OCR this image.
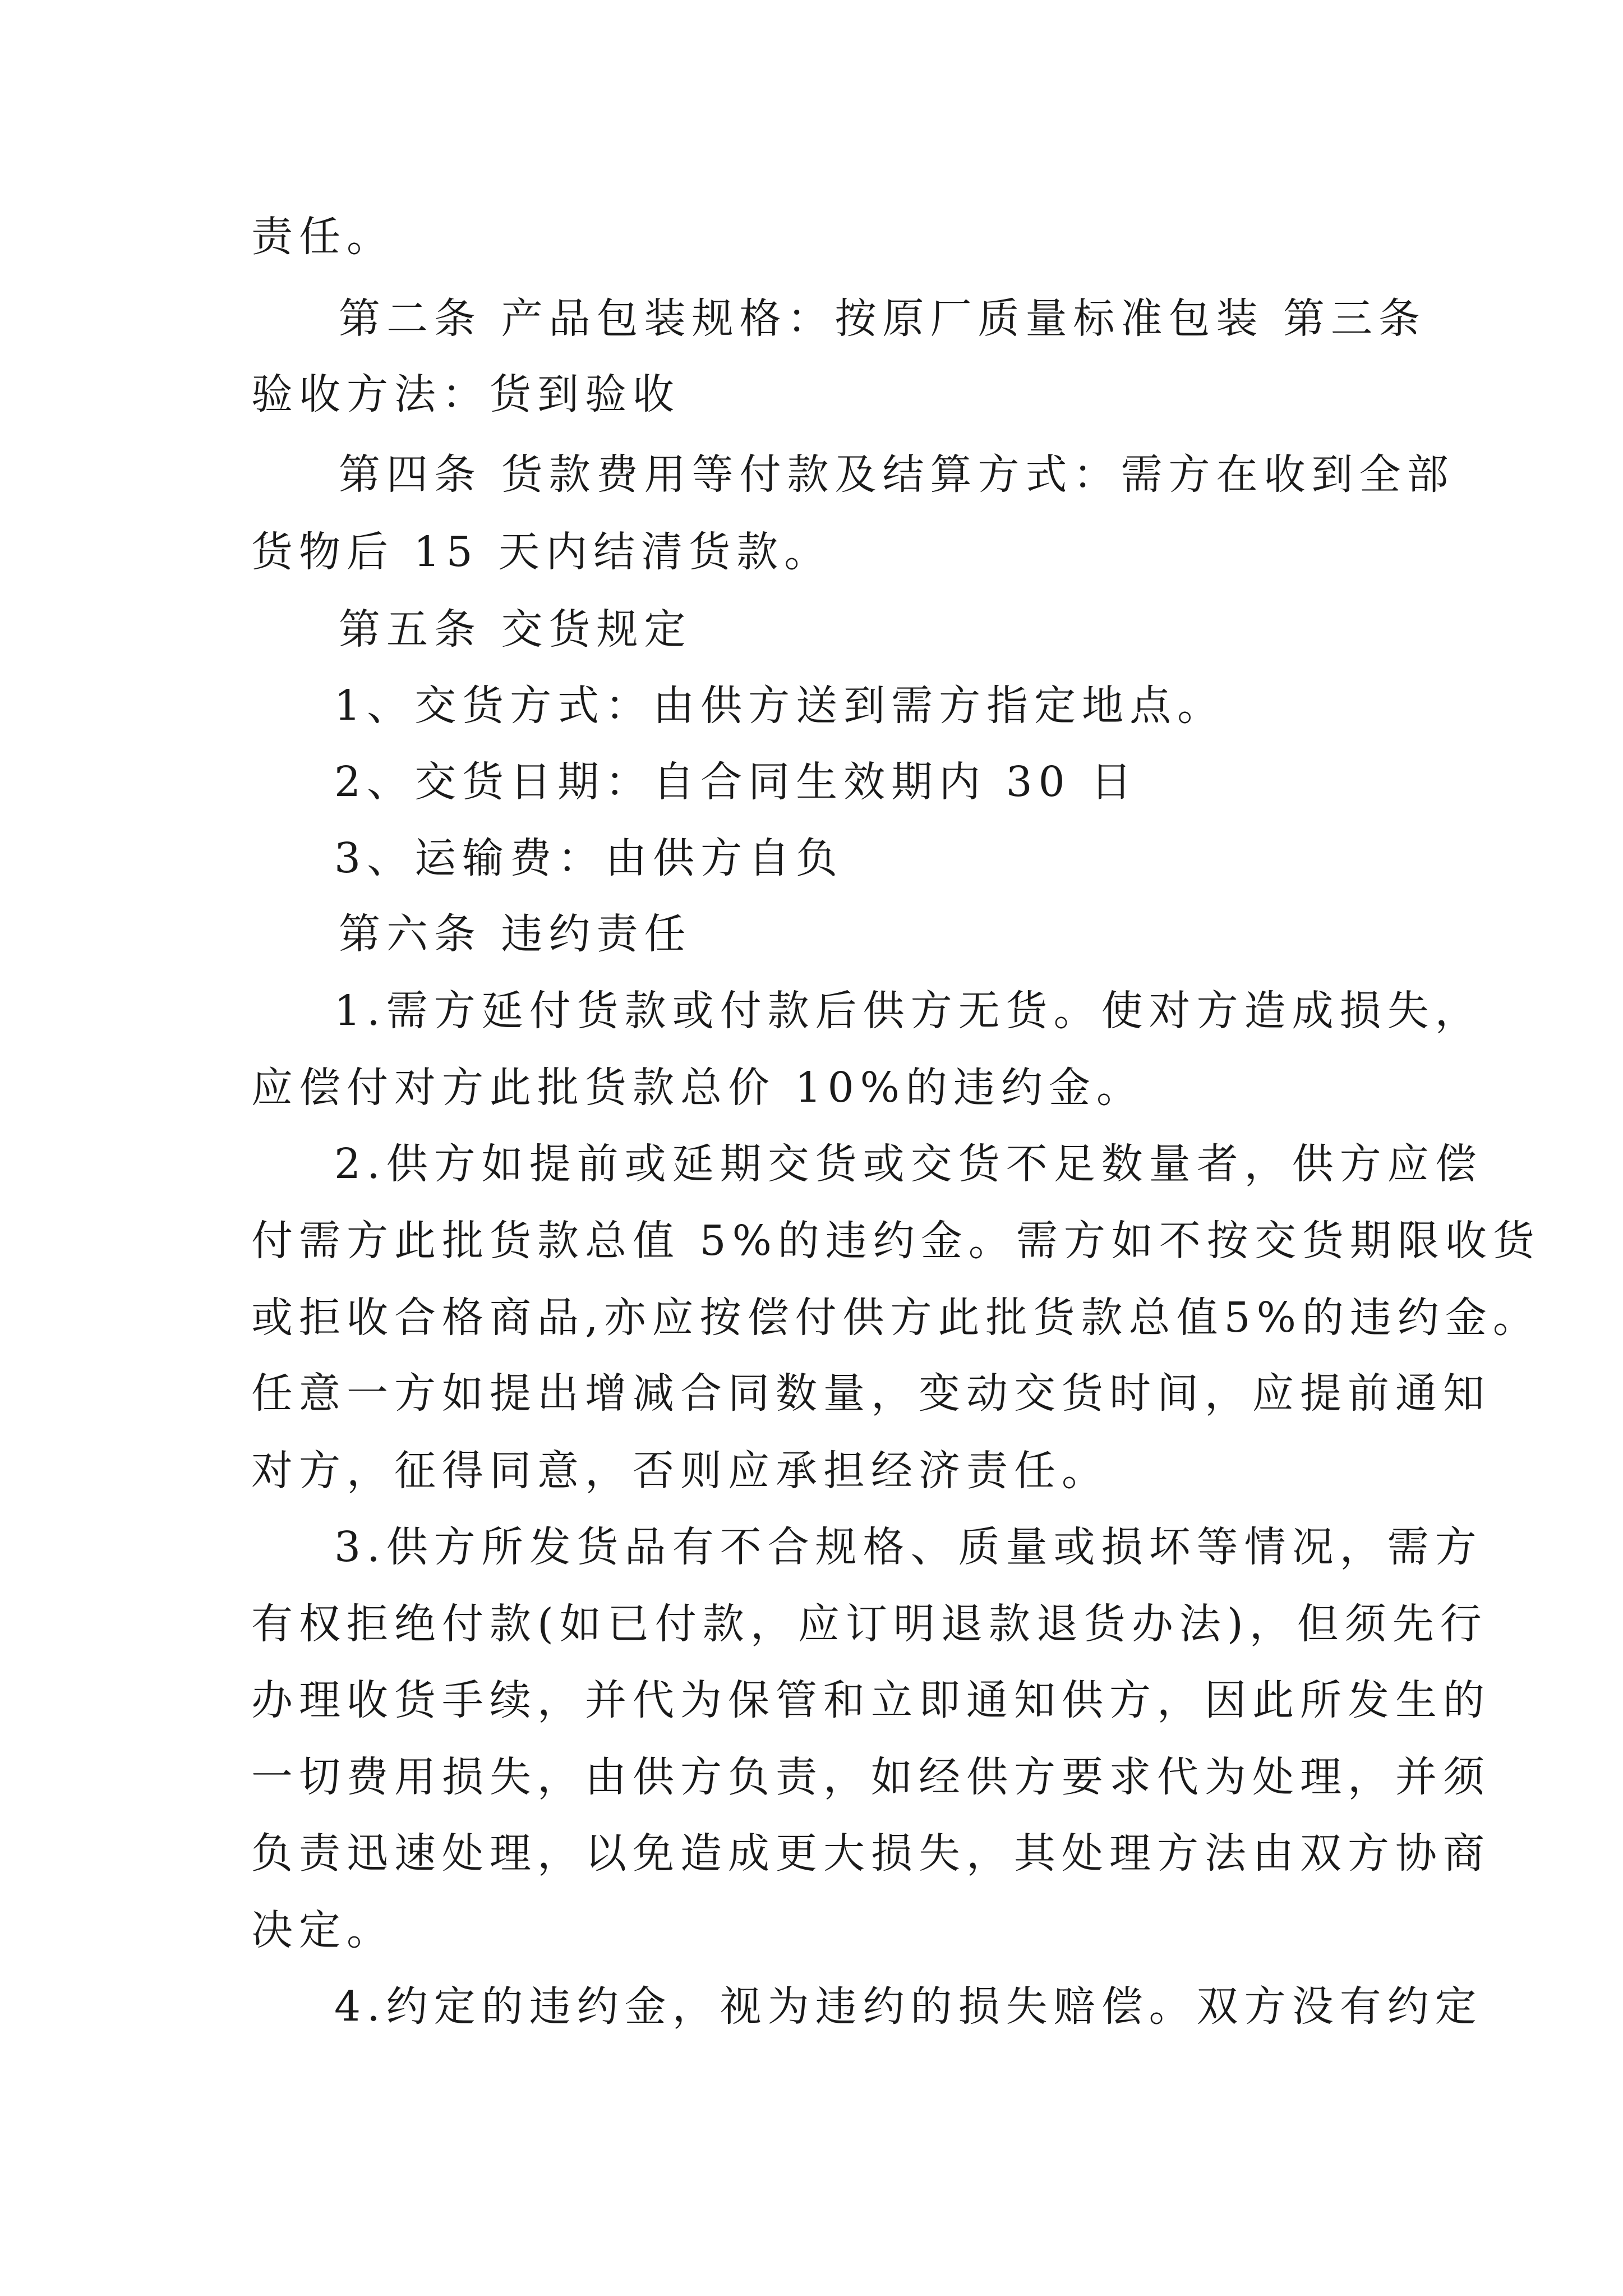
责任。
第二条 产品包装规格：按原厂质量标准包装 第三条
验收方法：货到验收
第四条 货款费用等付款及结算方式：需方在收到全部
货物后 15 天内结清货款。
第五条 交货规定
1、交货方式：由供方送到需方指定地点。
2、交货日期：自合同生效期内 30 日
3、运输费：由供方自负
第六条 违约责任
1.需方延付货款或付款后供方无货。使对方造成损失，
应偿付对方此批货款总价 10%的违约金。
2.供方如提前或延期交货或交货不足数量者，供方应偿
付需方此批货款总值 5%的违约金。需方如不按交货期限收货
或拒收合格商品,亦应按偿付供方此批货款总值5%的违约金。
任意一方如提出增减合同数量，变动交货时间，应提前通知
对方，征得同意，否则应承担经济责任。
3.供方所发货品有不合规格、质量或损坏等情况，需方
有权拒绝付款(如已付款，应订明退款退货办法)，但须先行
办理收货手续，并代为保管和立即通知供方，因此所发生的
一切费用损失，由供方负责，如经供方要求代为处理，并须
负责迅速处理，以免造成更大损失，其处理方法由双方协商
决定。
4.约定的违约金，视为违约的损失赔偿。双方没有约定
